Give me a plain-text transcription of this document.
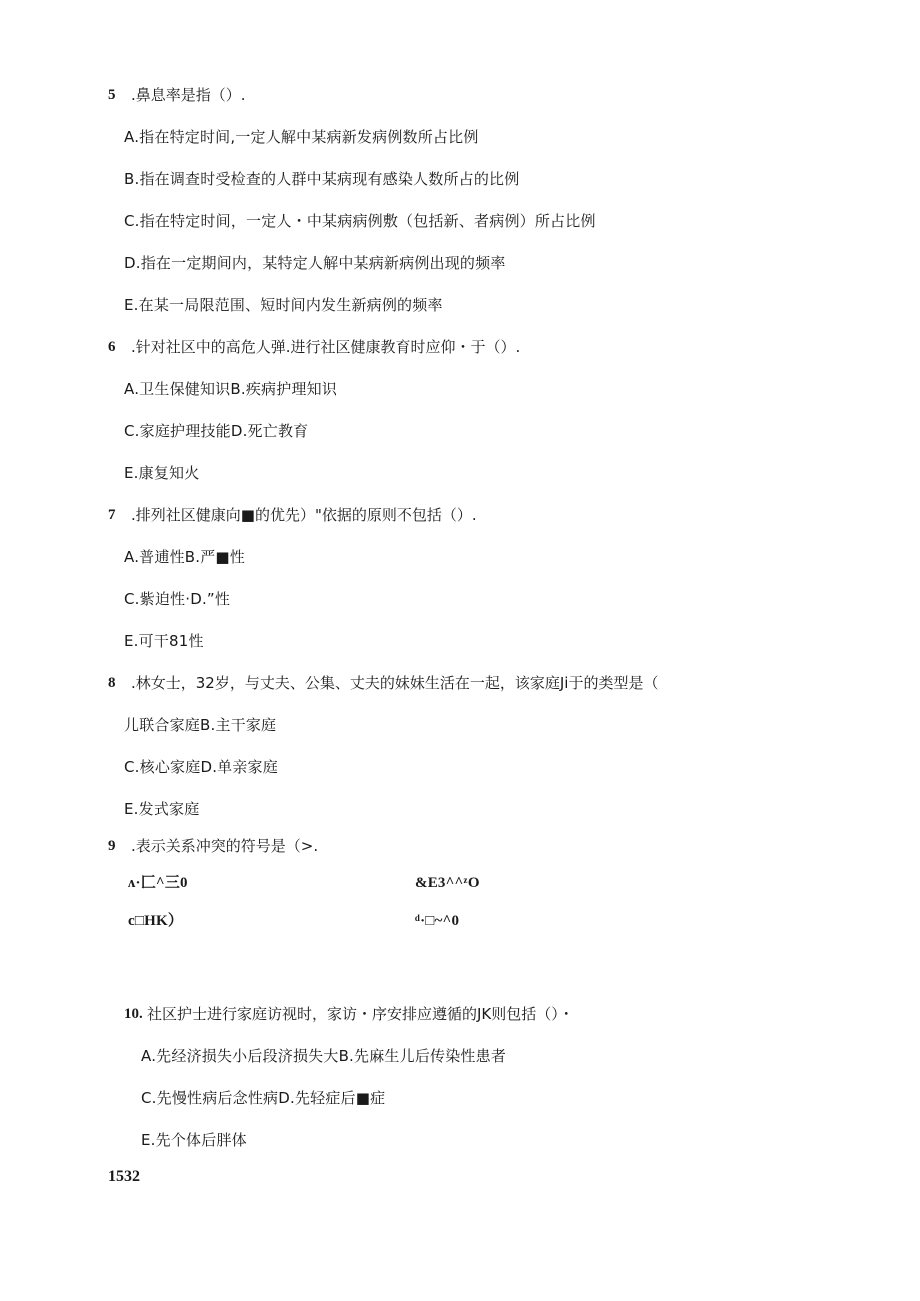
5 .鼻息率是指（）.
A.指在特定时间,一定人解中某病新发病例数所占比例
B.指在调查时受检查的人群中某病现有感染人数所占的比例
C.指在特定时间，一定人・中某病病例敷（包括新、者病例）所占比例
D.指在一定期间内，某特定人解中某病新病例出现的频率
E.在某一局限范围、短时间内发生新病例的频率
6 .针对社区中的高危人弹.进行社区健康教育时应仰・于（）.
A.卫生保健知识B.疾病护理知识
C.家庭护理技能D.死亡教育
E.康复知火
7 .排列社区健康向■的优先）"依据的原则不包括（）.
A.普逋性B.严■性
C.紫迫性·D.”性
E.可干81性
8 .林女士，32岁，与丈夫、公集、丈夫的妹妹生活在一起，该家庭Ji于的类型是（
儿联合家庭B.主干家庭
C.核心家庭D.单亲家庭
E.发式家庭
9 .表示关系冲突的符号是（>.
ᴧ·匚^三0	&E3^^ᶻO
c□HK）	ᵈ·□~^0
10. 社区护士进行家庭访视时，家访・序安排应遵循的JK则包括（）・
A.先经济损失小后段济损失大B.先麻生儿后传染性患者
C.先慢性病后念性病D.先轻症后■症
E.先个体后胖体
1532
